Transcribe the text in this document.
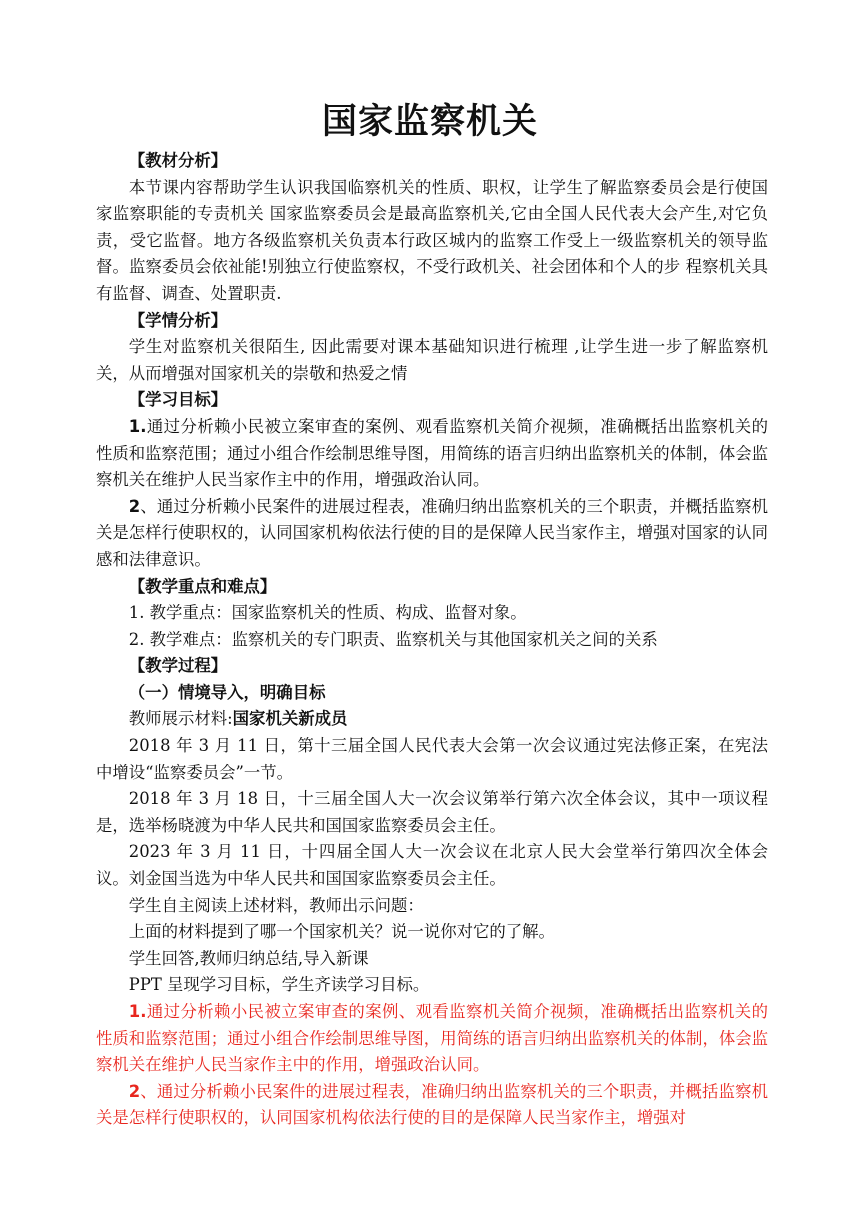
国家监察机关

【教材分析】

本节课内容帮助学生认识我国临察机关的性质、职权，让学生了解监察委员会是行使国家监察职能的专责机关 国家监察委员会是最高监察机关,它由全国人民代表大会产生,对它负责，受它监督。地方各级监察机关负责本行政区城内的监察工作受上一级监察机关的领导监督。监察委员会依祉能!别独立行使监察权，不受行政机关、社会团体和个人的步 程察机关具有监督、调查、处置职责.

【学情分析】

学生对监察机关很陌生, 因此需要对课本基础知识进行梳理 ,让学生进一步了解监察机关，从而增强对国家机关的崇敬和热爱之情

【学习目标】

1.通过分析赖小民被立案审查的案例、观看监察机关简介视频，准确概括出监察机关的性质和监察范围；通过小组合作绘制思维导图，用简练的语言归纳出监察机关的体制，体会监察机关在维护人民当家作主中的作用，增强政治认同。

2、通过分析赖小民案件的进展过程表，准确归纳出监察机关的三个职责，并概括监察机关是怎样行使职权的，认同国家机构依法行使的目的是保障人民当家作主，增强对国家的认同感和法律意识。

【教学重点和难点】

1. 教学重点：国家监察机关的性质、构成、监督对象。

2. 教学难点：监察机关的专门职责、监察机关与其他国家机关之间的关系

【教学过程】

（一）情境导入，明确目标

教师展示材料:国家机关新成员

2018 年 3 月 11 日，第十三届全国人民代表大会第一次会议通过宪法修正案，在宪法中增设“监察委员会”一节。

2018 年 3 月 18 日，十三届全国人大一次会议第举行第六次全体会议，其中一项议程是，选举杨晓渡为中华人民共和国国家监察委员会主任。

2023 年 3 月 11 日，十四届全国人大一次会议在北京人民大会堂举行第四次全体会议。刘金国当选为中华人民共和国国家监察委员会主任。

学生自主阅读上述材料，教师出示问题：

上面的材料提到了哪一个国家机关？说一说你对它的了解。

学生回答,教师归纳总结,导入新课

PPT 呈现学习目标，学生齐读学习目标。

1.通过分析赖小民被立案审查的案例、观看监察机关简介视频，准确概括出监察机关的性质和监察范围；通过小组合作绘制思维导图，用简练的语言归纳出监察机关的体制，体会监察机关在维护人民当家作主中的作用，增强政治认同。

2、通过分析赖小民案件的进展过程表，准确归纳出监察机关的三个职责，并概括监察机关是怎样行使职权的，认同国家机构依法行使的目的是保障人民当家作主，增强对
